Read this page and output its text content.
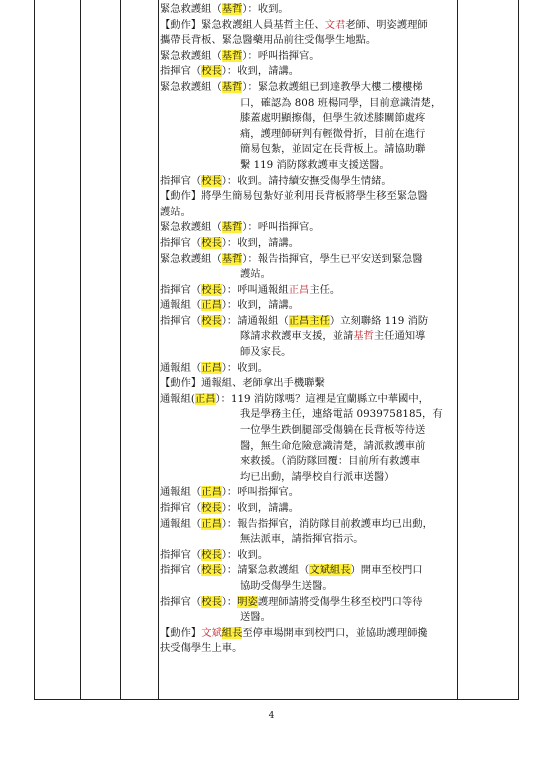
緊急救護組（基哲）：收到。
【動作】緊急救護組人員基哲主任、文君老師、明姿護理師
攜帶長背板、緊急醫藥用品前往受傷學生地點。
緊急救護組（基哲）：呼叫指揮官。
指揮官（校長）：收到，請講。
緊急救護組（基哲）：緊急救護組已到達教學大樓二樓樓梯
口，確認為 808 班楊同學，目前意識清楚，
膝蓋處明顯擦傷，但學生敘述膝關節處疼
痛，護理師研判有輕微骨折，目前在進行
簡易包紮，並固定在長背板上。請協助聯
繫 119 消防隊救護車支援送醫。
指揮官（校長）：收到。請持續安撫受傷學生情緒。
【動作】將學生簡易包紮好並利用長背板將學生移至緊急醫
護站。
緊急救護組（基哲）：呼叫指揮官。
指揮官（校長）：收到，請講。
緊急救護組（基哲）：報告指揮官，學生已平安送到緊急醫
護站。
指揮官（校長）：呼叫通報組正昌主任。
通報組（正昌）：收到，請講。
指揮官（校長）：請通報組（正昌主任）立刻聯絡 119 消防
隊請求救護車支援，並請基哲主任通知導
師及家長。
通報組（正昌）：收到。
【動作】通報組、老師拿出手機聯繫
通報組(正昌）：119 消防隊嗎？這裡是宜蘭縣立中華國中，
我是學務主任，連絡電話 0939758185，有
一位學生跌倒腿部受傷躺在長背板等待送
醫，無生命危險意識清楚，請派救護車前
來救援。（消防隊回覆：目前所有救護車
均已出動，請學校自行派車送醫）
通報組（正昌）：呼叫指揮官。
指揮官（校長）：收到，請講。
通報組（正昌）：報告指揮官，消防隊目前救護車均已出動，
無法派車，請指揮官指示。
指揮官（校長）：收到。
指揮官（校長）：請緊急救護組（文斌組長）開車至校門口
協助受傷學生送醫。
指揮官（校長）：明姿護理師請將受傷學生移至校門口等待
送醫。
【動作】文斌組長至停車場開車到校門口，並協助護理師攙
扶受傷學生上車。
4
